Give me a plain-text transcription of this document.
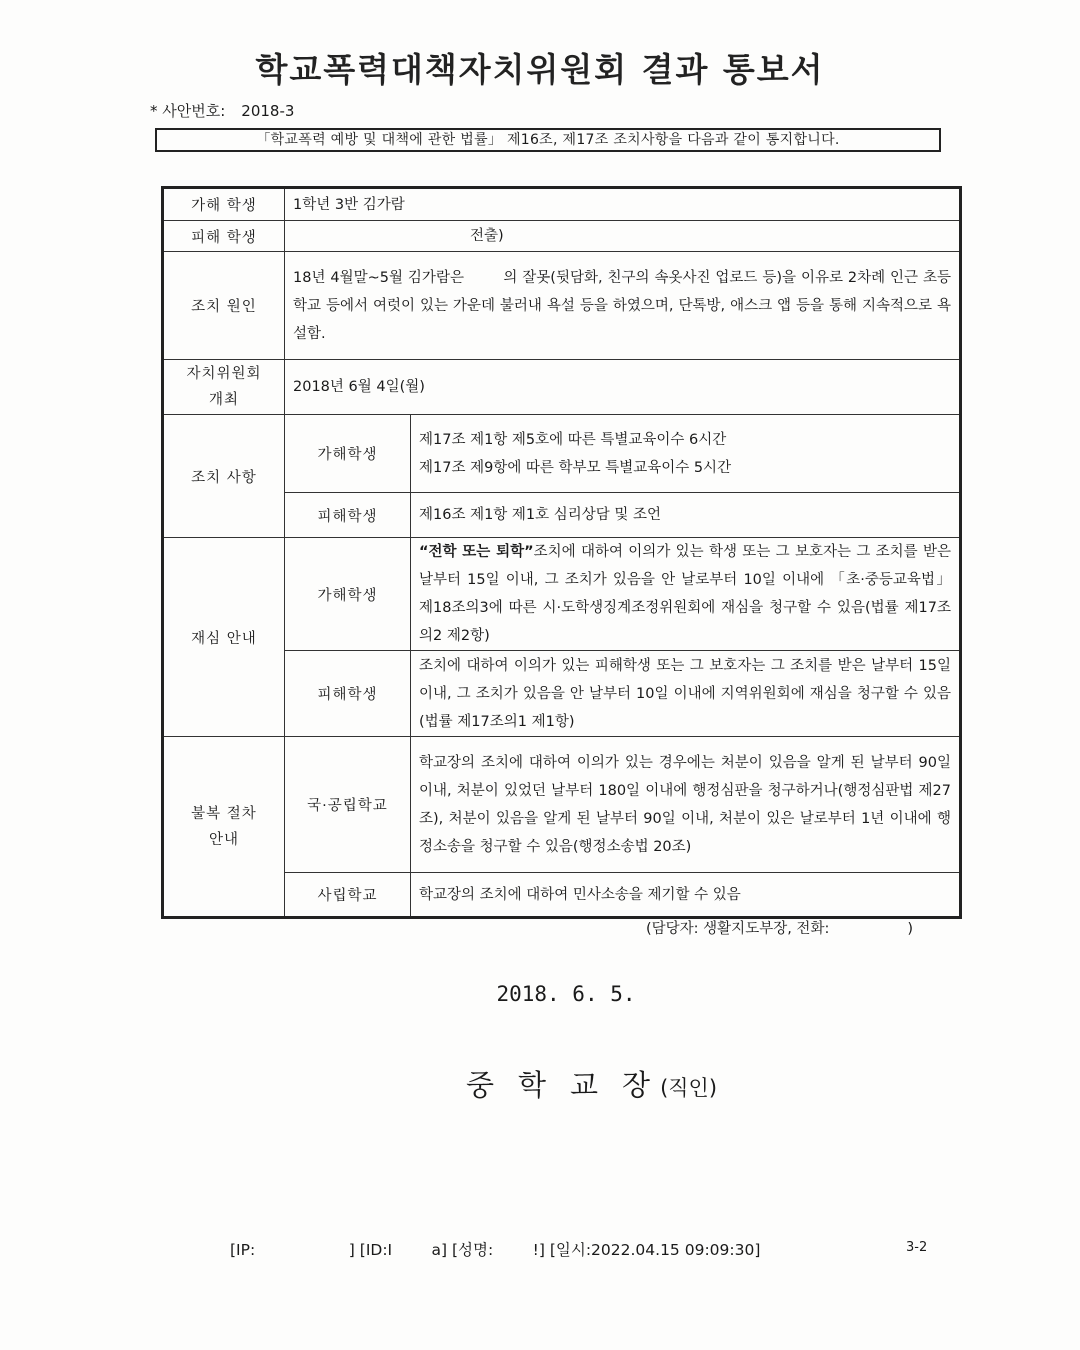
학교폭력대책자치위원회 결과 통보서
* 사안번호: 2018-3
「학교폭력 예방 및 대책에 관한 법률」 제16조, 제17조 조치사항을 다음과 같이 통지합니다.
가해 학생	1학년 3반 김가람	
피해 학생	전출)	
조치 원인	18년 4월말~5월 김가람은        의 잘못(뒷담화, 친구의 속옷사진 업로드 등)을 이유로 2차례 인근 초등학교 등에서 여럿이 있는 가운데 불러내 욕설 등을 하였으며, 단톡방, 애스크 앱 등을 통해 지속적으로 욕설함.	
자치위원회 개최	2018년 6월 4일(월)	
조치 사항	가해학생	제17조 제1항 제5호에 따른 특별교육이수 6시간
제17조 제9항에 따른 학부모 특별교육이수 5시간

	피해학생	제16조 제1항 제1호 심리상담 및 조언
재심 안내	가해학생	“전학 또는 퇴학”조치에 대하여 이의가 있는 학생 또는 그 보호자는 그 조치를 받은 날부터 15일 이내, 그 조치가 있음을 안 날로부터 10일 이내에 「초·중등교육법」 제18조의3에 따른 시·도학생징계조정위원회에 재심을 청구할 수 있음(법률 제17조의2 제2항)
	피해학생	조치에 대하여 이의가 있는 피해학생 또는 그 보호자는 그 조치를 받은 날부터 15일 이내, 그 조치가 있음을 안 날부터 10일 이내에 지역위원회에 재심을 청구할 수 있음(법률 제17조의1 제1항)
불복 절차 안내	국·공립학교	학교장의 조치에 대하여 이의가 있는 경우에는 처분이 있음을 알게 된 날부터 90일 이내, 처분이 있었던 날부터 180일 이내에 행정심판을 청구하거나(행정심판법 제27조), 처분이 있음을 알게 된 날부터 90일 이내, 처분이 있은 날로부터 1년 이내에 행정소송을 청구할 수 있음(행정소송법 20조)
	사립학교	학교장의 조치에 대하여 민사소송을 제기할 수 있음
(담당자: 생활지도부장, 전화:	)
2018. 6. 5.
중 학 교 장 (직인)
[IP:                   ] [ID:I        a] [성명:        !] [일시:2022.04.15 09:09:30]	3-2
